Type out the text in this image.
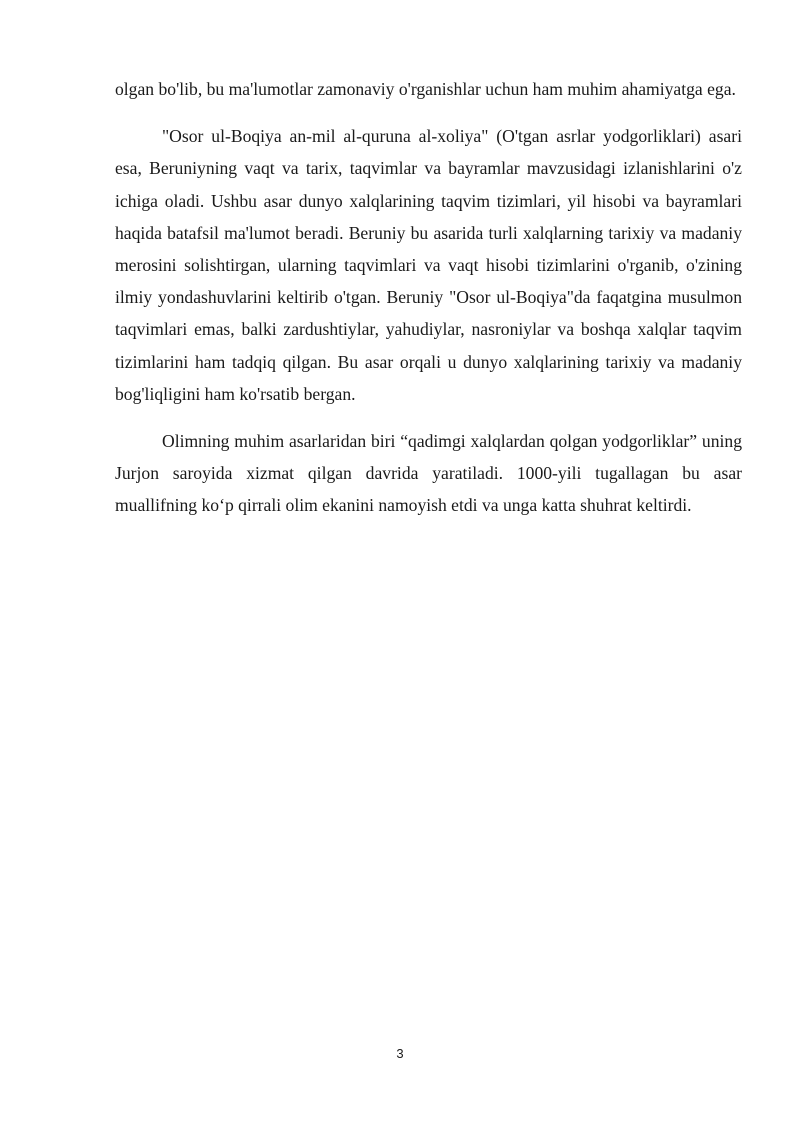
olgan bo'lib, bu ma'lumotlar zamonaviy o'rganishlar uchun ham muhim ahamiyatga ega.

"Osor ul-Boqiya an-mil al-quruna al-xoliya" (O'tgan asrlar yodgorliklari) asari esa, Beruniyning vaqt va tarix, taqvimlar va bayramlar mavzusidagi izlanishlarini o'z ichiga oladi. Ushbu asar dunyo xalqlarining taqvim tizimlari, yil hisobi va bayramlari haqida batafsil ma'lumot beradi. Beruniy bu asarida turli xalqlarning tarixiy va madaniy merosini solishtirgan, ularning taqvimlari va vaqt hisobi tizimlarini o'rganib, o'zining ilmiy yondashuvlarini keltirib o'tgan. Beruniy "Osor ul-Boqiya"da faqatgina musulmon taqvimlari emas, balki zardushtiylar, yahudiylar, nasroniylar va boshqa xalqlar taqvim tizimlarini ham tadqiq qilgan. Bu asar orqali u dunyo xalqlarining tarixiy va madaniy bog'liqligini ham ko'rsatib bergan.

Olimning muhim asarlaridan biri “qadimgi xalqlardan qolgan yodgorliklar” uning Jurjon saroyida xizmat qilgan davrida yaratiladi. 1000-yili tugallagan bu asar muallifning ko‘p qirrali olim ekanini namoyish etdi va unga katta shuhrat keltirdi.

3
